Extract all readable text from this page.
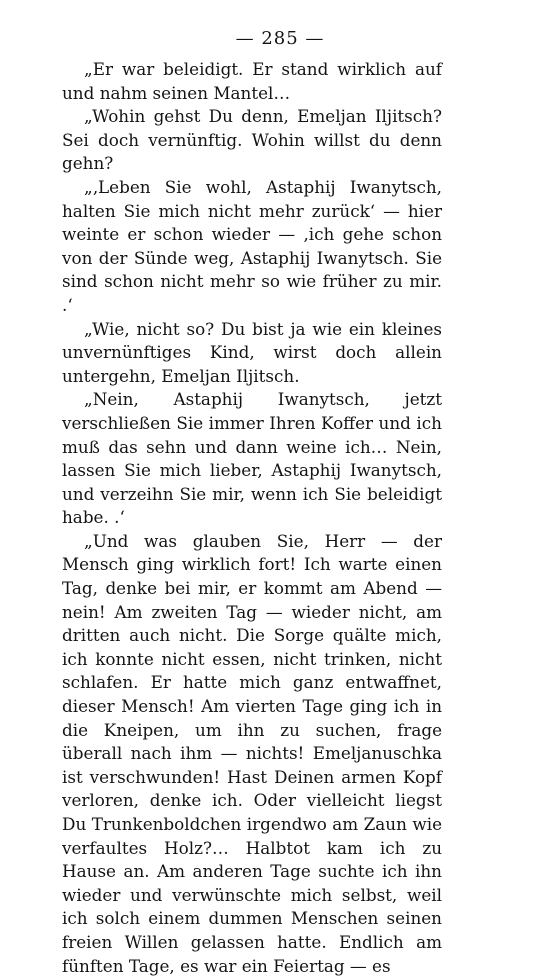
— 285 —

„Er war beleidigt. Er stand wirklich auf und nahm seinen Mantel…

„Wohin gehst Du denn, Emeljan Iljitsch? Sei doch vernünftig. Wohin willst du denn gehn?

„‚Leben Sie wohl, Astaphij Iwanytsch, halten Sie mich nicht mehr zurück‘ — hier weinte er schon wieder — ‚ich gehe schon von der Sünde weg, Astaphij Iwanytsch. Sie sind schon nicht mehr so wie früher zu mir. .‘

„Wie, nicht so? Du bist ja wie ein kleines unvernünftiges Kind, wirst doch allein untergehn, Emeljan Iljitsch.

„Nein, Astaphij Iwanytsch, jetzt verschließen Sie immer Ihren Koffer und ich muß das sehn und dann weine ich… Nein, lassen Sie mich lieber, Astaphij Iwanytsch, und verzeihn Sie mir, wenn ich Sie beleidigt habe. .‘

„Und was glauben Sie, Herr — der Mensch ging wirklich fort! Ich warte einen Tag, denke bei mir, er kommt am Abend — nein! Am zweiten Tag — wieder nicht, am dritten auch nicht. Die Sorge quälte mich, ich konnte nicht essen, nicht trinken, nicht schlafen. Er hatte mich ganz entwaffnet, dieser Mensch! Am vierten Tage ging ich in die Kneipen, um ihn zu suchen, frage überall nach ihm — nichts! Emeljanuschka ist verschwunden! Hast Deinen armen Kopf verloren, denke ich. Oder vielleicht liegst Du Trunkenboldchen irgendwo am Zaun wie verfaultes Holz?… Halbtot kam ich zu Hause an. Am anderen Tage suchte ich ihn wieder und verwünschte mich selbst, weil ich solch einem dummen Menschen seinen freien Willen gelassen hatte. Endlich am fünften Tage, es war ein Feiertag — es
